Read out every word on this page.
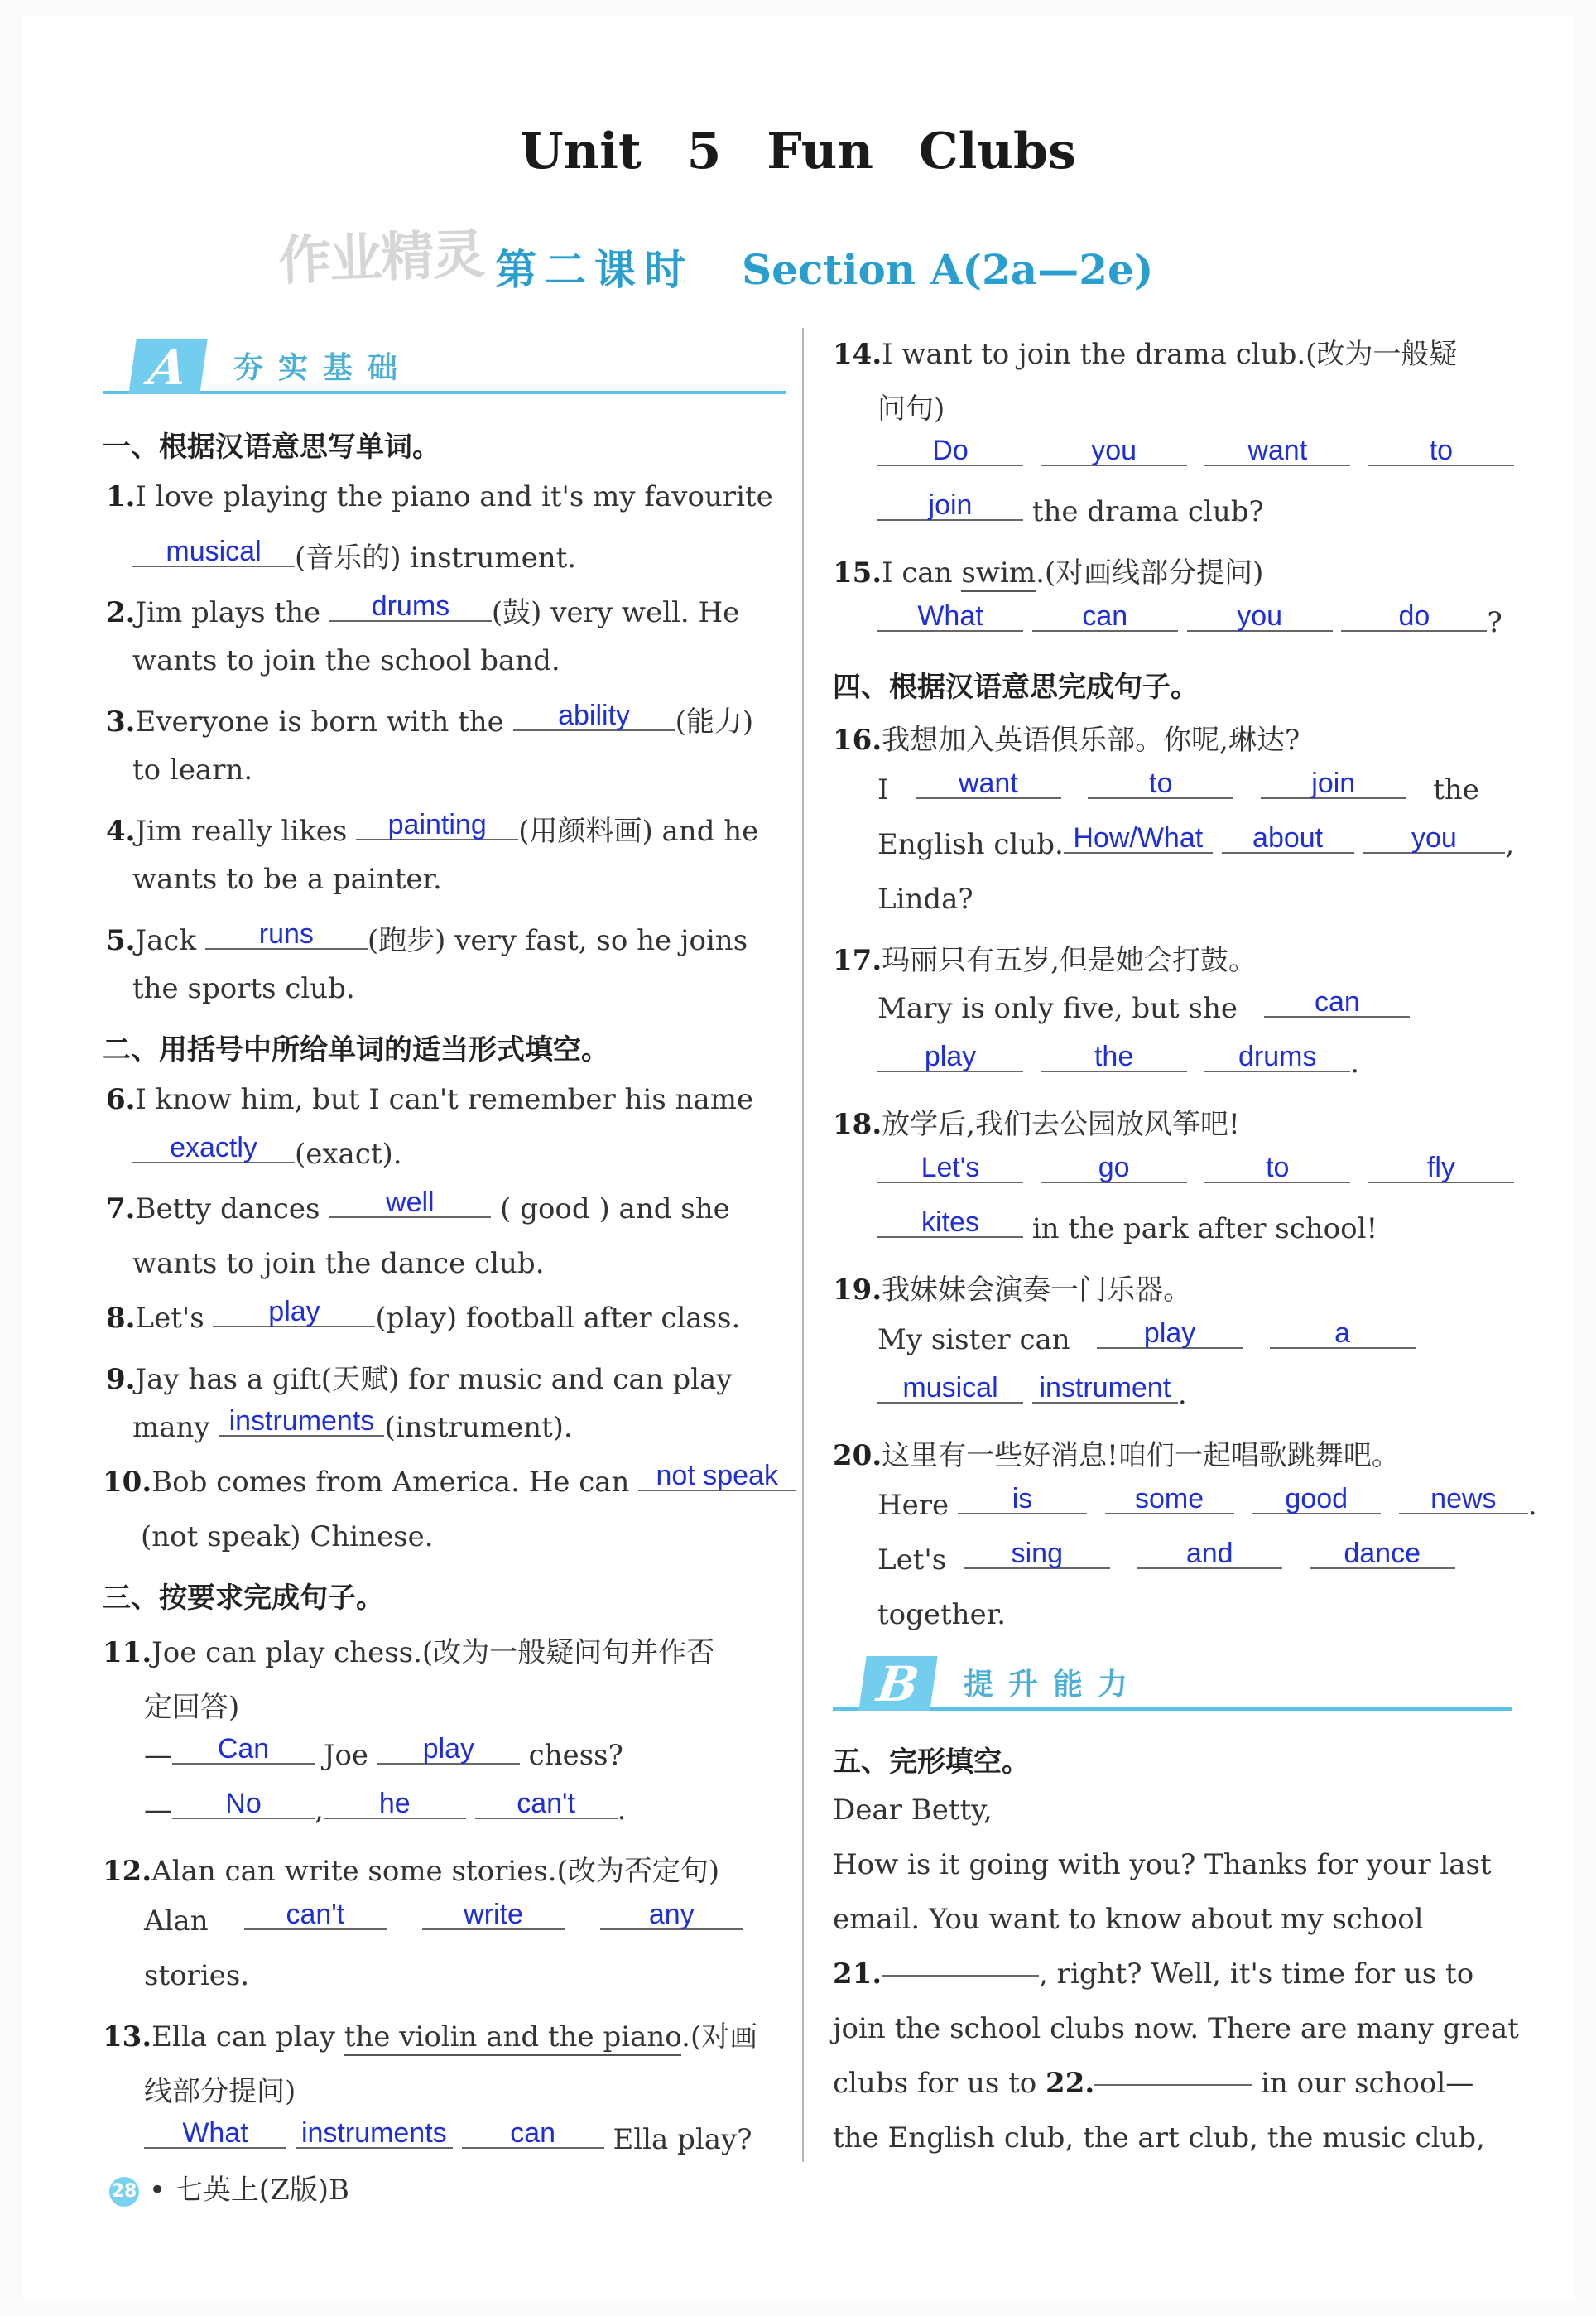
Unit 5 Fun Clubs
作业精灵 第二课时 Section A(2a—2e)
A	夯实基础
一、根据汉语意思写单词。
1.I love playing the piano and it's my favourite
musical (音乐的) instrument.
2.Jim plays the drums (鼓) very well. He
wants to join the school band.
3.Everyone is born with the ability (能力)
to learn.
4.Jim really likes painting (用颜料画) and he
wants to be a painter.
5.Jack runs (跑步) very fast, so he joins
the sports club.
二、用括号中所给单词的适当形式填空。
6.I know him, but I can't remember his name
exactly (exact).
7.Betty dances well ( good ) and she
wants to join the dance club.
8.Let's play (play) football after class.
9.Jay has a gift(天赋) for music and can play
many instruments (instrument).
10.Bob comes from America. He can not speak
(not speak) Chinese.
三、按要求完成句子。
11.Joe can play chess.(改为一般疑问句并作否
定回答)
— Can Joe play chess?
— No , he	can't .
12.Alan can write some stories.(改为否定句)
Alan	can't	write	any
stories.
13.Ella can play the violin and the piano.(对画
线部分提问)
What instruments can Ella play?
14.I want to join the drama club.(改为一般疑
问句)
Do	you	want	to
join the drama club?
15.I can swim.(对画线部分提问)
What	can	you	do ?
四、根据汉语意思完成句子。
16.我想加入英语俱乐部。你呢,琳达?
I want	to	join	the
English club. How/What about	you ,
Linda?
17.玛丽只有五岁,但是她会打鼓。
Mary is only five, but she	can
play	the	drums .
18.放学后,我们去公园放风筝吧!
Let's	go	to	fly
kites in the park after school!
19.我妹妹会演奏一门乐器。
My sister can	play	a
musical instrument .
20.这里有一些好消息!咱们一起唱歌跳舞吧。
Here is	some	good	news .
Let's sing	and	dance
together.
B	提升能力
五、完形填空。
Dear Betty,
How is it going with you? Thanks for your last
email. You want to know about my school
21.	, right? Well, it's time for us to
join the school clubs now. There are many great
clubs for us to 22.	in our school—
the English club, the art club, the music club,
28 • 七英上(Z版)B
